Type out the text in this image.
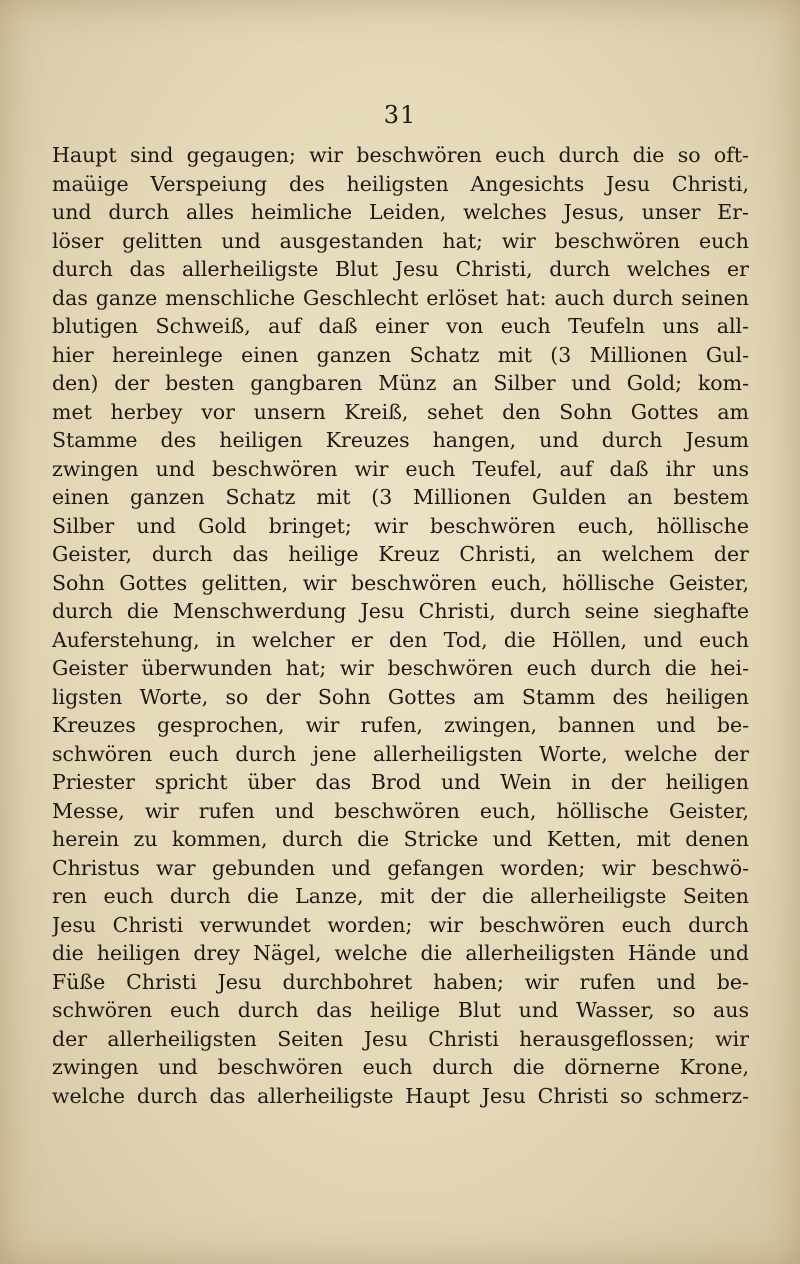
31
Haupt sind gegaugen; wir beschwören euch durch die so oft-
maüige Verspeiung des heiligsten Angesichts Jesu Christi,
und durch alles heimliche Leiden, welches Jesus, unser Er-
löser gelitten und ausgestanden hat; wir beschwören euch
durch das allerheiligste Blut Jesu Christi, durch welches er
das ganze menschliche Geschlecht erlöset hat: auch durch seinen
blutigen Schweiß, auf daß einer von euch Teufeln uns all-
hier hereinlege einen ganzen Schatz mit (3 Millionen Gul-
den) der besten gangbaren Münz an Silber und Gold; kom-
met herbey vor unsern Kreiß, sehet den Sohn Gottes am
Stamme des heiligen Kreuzes hangen, und durch Jesum
zwingen und beschwören wir euch Teufel, auf daß ihr uns
einen ganzen Schatz mit (3 Millionen Gulden an bestem
Silber und Gold bringet; wir beschwören euch, höllische
Geister, durch das heilige Kreuz Christi, an welchem der
Sohn Gottes gelitten, wir beschwören euch, höllische Geister,
durch die Menschwerdung Jesu Christi, durch seine sieghafte
Auferstehung, in welcher er den Tod, die Höllen, und euch
Geister überwunden hat; wir beschwören euch durch die hei-
ligsten Worte, so der Sohn Gottes am Stamm des heiligen
Kreuzes gesprochen, wir rufen, zwingen, bannen und be-
schwören euch durch jene allerheiligsten Worte, welche der
Priester spricht über das Brod und Wein in der heiligen
Messe, wir rufen und beschwören euch, höllische Geister,
herein zu kommen, durch die Stricke und Ketten, mit denen
Christus war gebunden und gefangen worden; wir beschwö-
ren euch durch die Lanze, mit der die allerheiligste Seiten
Jesu Christi verwundet worden; wir beschwören euch durch
die heiligen drey Nägel, welche die allerheiligsten Hände und
Füße Christi Jesu durchbohret haben; wir rufen und be-
schwören euch durch das heilige Blut und Wasser, so aus
der allerheiligsten Seiten Jesu Christi herausgeflossen; wir
zwingen und beschwören euch durch die dörnerne Krone,
welche durch das allerheiligste Haupt Jesu Christi so schmerz-
